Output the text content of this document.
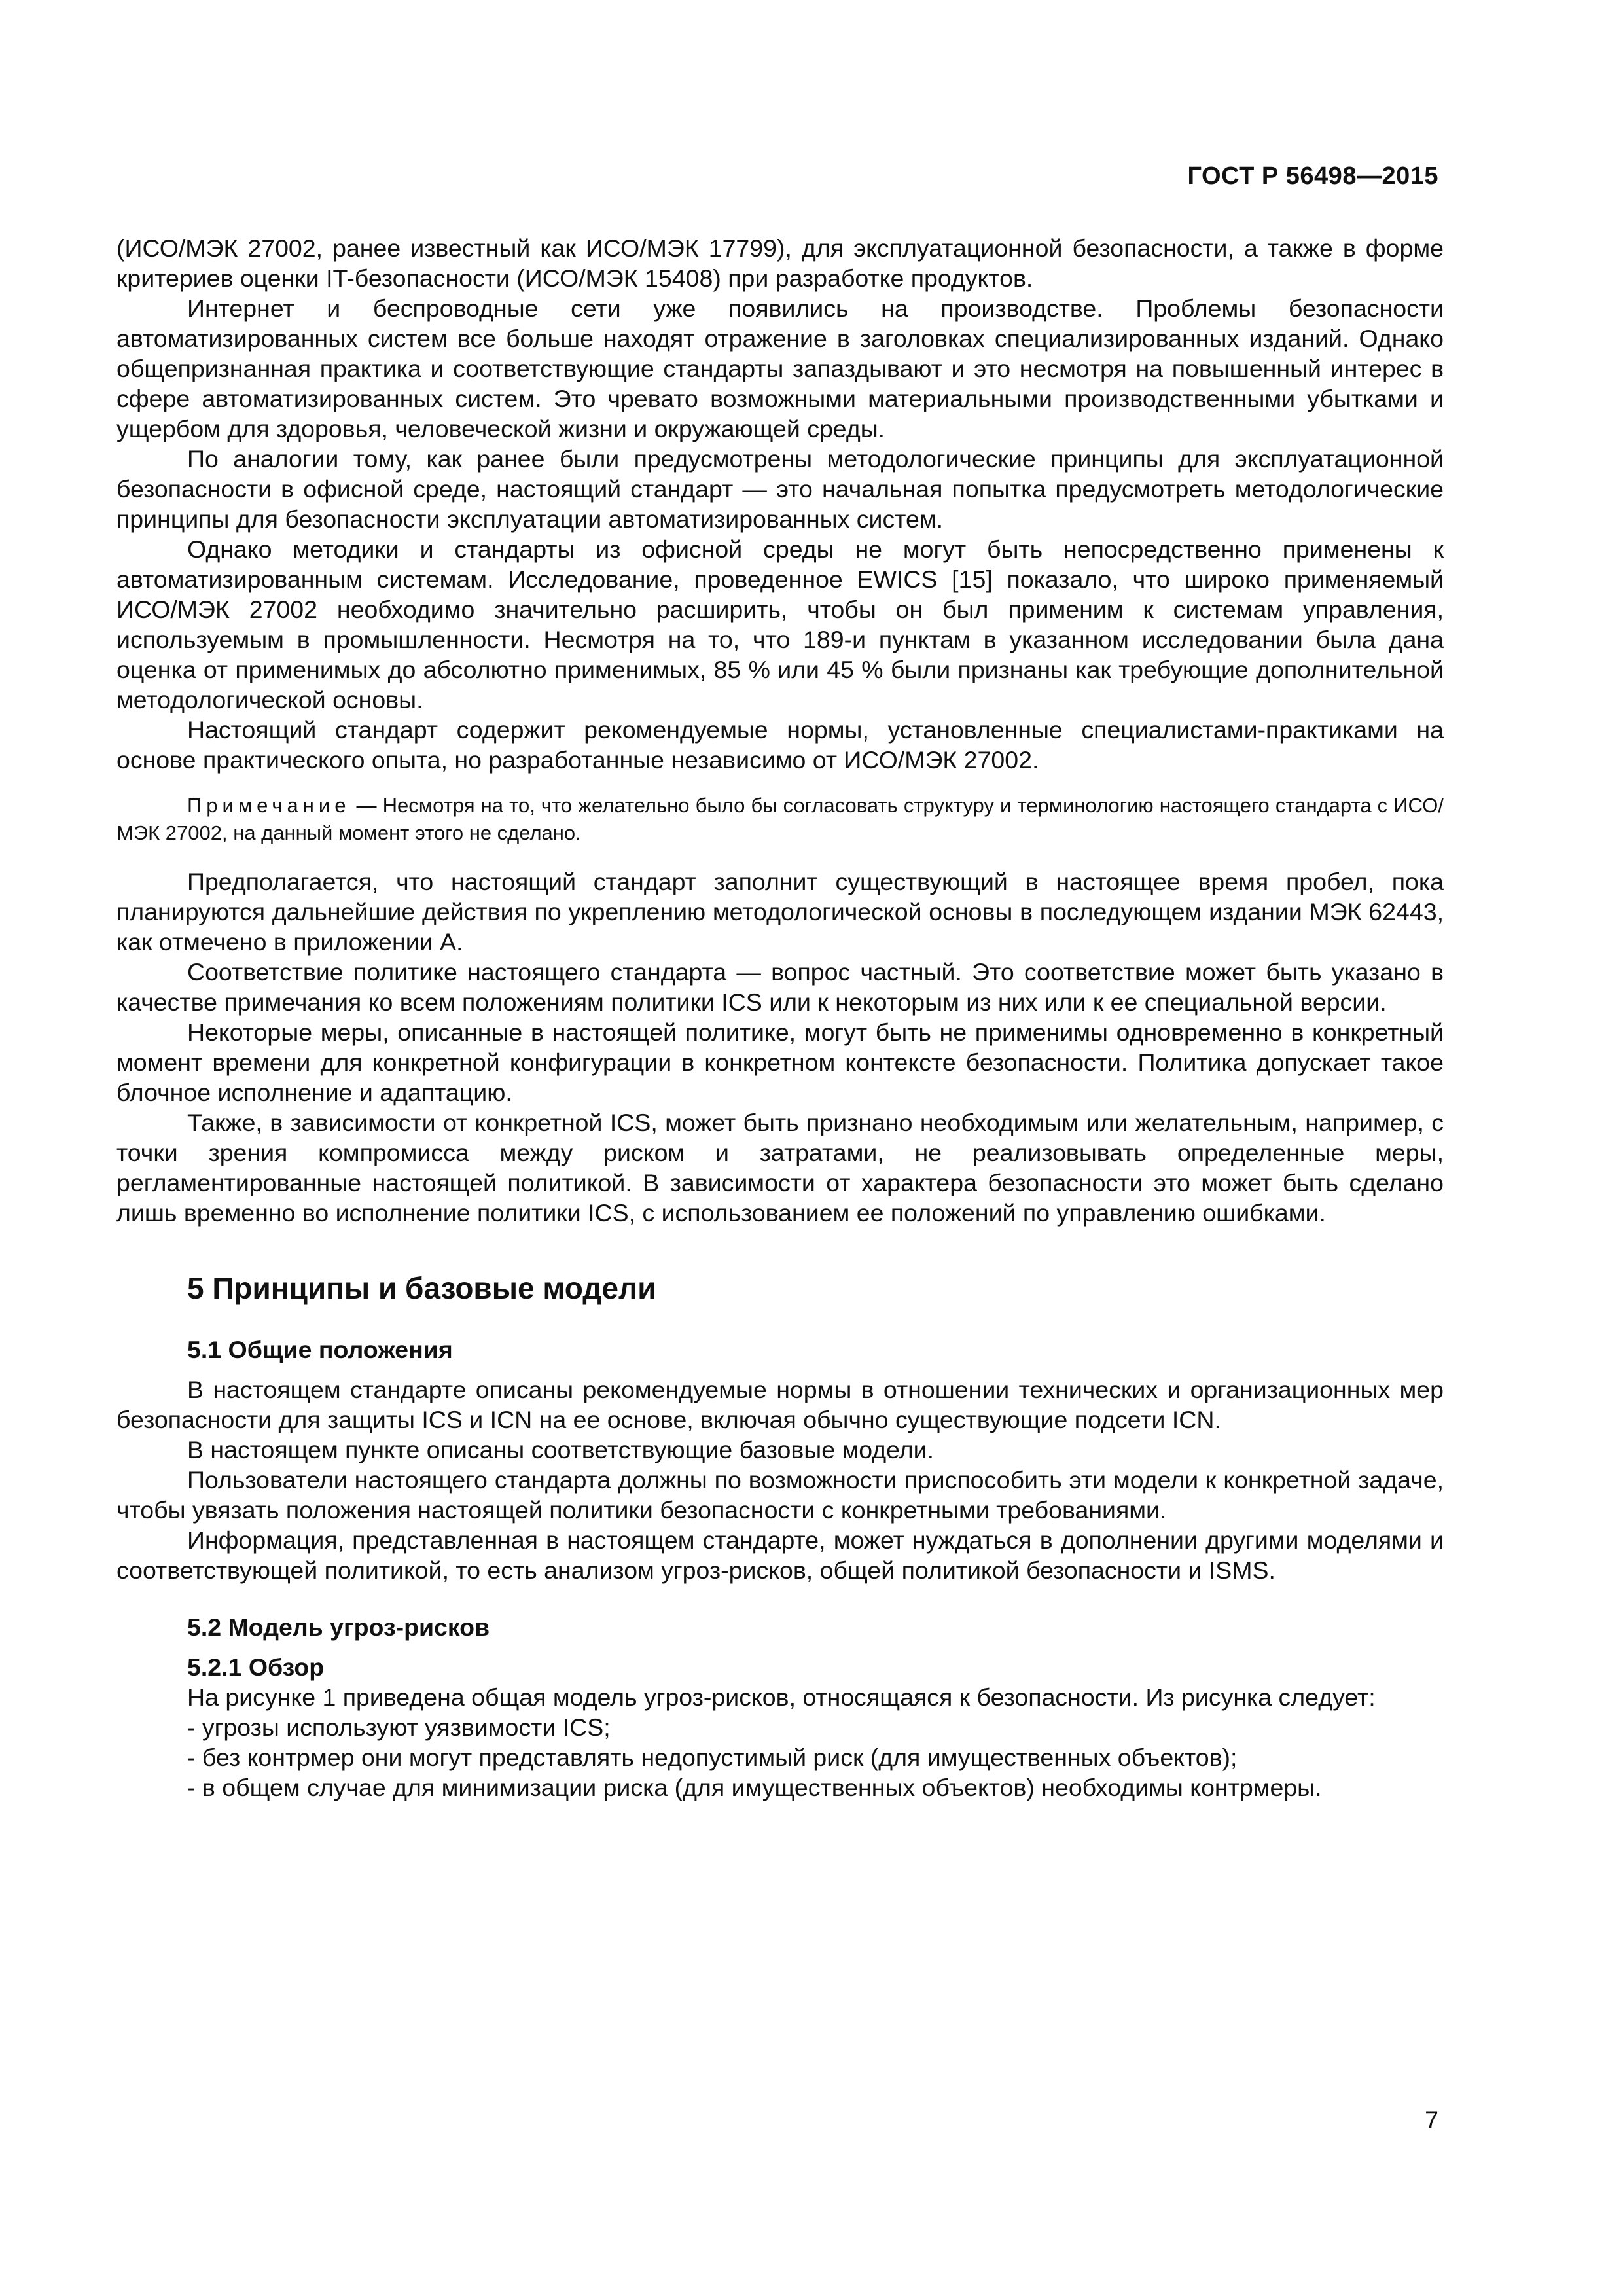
ГОСТ Р 56498—2015

(ИСО/МЭК 27002, ранее известный как ИСО/МЭК 17799), для эксплуатационной безопасности, а также в форме критериев оценки IT-безопасности (ИСО/МЭК 15408) при разработке продуктов.

Интернет и беспроводные сети уже появились на производстве. Проблемы безопасности автоматизированных систем все больше находят отражение в заголовках специализированных изданий. Однако общепризнанная практика и соответствующие стандарты запаздывают и это несмотря на повышенный интерес в сфере автоматизированных систем. Это чревато возможными материальными производственными убытками и ущербом для здоровья, человеческой жизни и окружающей среды.

По аналогии тому, как ранее были предусмотрены методологические принципы для эксплуатационной безопасности в офисной среде, настоящий стандарт — это начальная попытка предусмотреть методологические принципы для безопасности эксплуатации автоматизированных систем.

Однако методики и стандарты из офисной среды не могут быть непосредственно применены к автоматизированным системам. Исследование, проведенное EWICS [15] показало, что широко применяемый ИСО/МЭК 27002 необходимо значительно расширить, чтобы он был применим к системам управления, используемым в промышленности. Несмотря на то, что 189-и пунктам в указанном исследовании была дана оценка от применимых до абсолютно применимых, 85 % или 45 % были признаны как требующие дополнительной методологической основы.

Настоящий стандарт содержит рекомендуемые нормы, установленные специалистами-практиками на основе практического опыта, но разработанные независимо от ИСО/МЭК 27002.

Примечание — Несмотря на то, что желательно было бы согласовать структуру и терминологию настоящего стандарта с ИСО/МЭК 27002, на данный момент этого не сделано.

Предполагается, что настоящий стандарт заполнит существующий в настоящее время пробел, пока планируются дальнейшие действия по укреплению методологической основы в последующем издании МЭК 62443, как отмечено в приложении А.

Соответствие политике настоящего стандарта — вопрос частный. Это соответствие может быть указано в качестве примечания ко всем положениям политики ICS или к некоторым из них или к ее специальной версии.

Некоторые меры, описанные в настоящей политике, могут быть не применимы одновременно в конкретный момент времени для конкретной конфигурации в конкретном контексте безопасности. Политика допускает такое блочное исполнение и адаптацию.

Также, в зависимости от конкретной ICS, может быть признано необходимым или желательным, например, с точки зрения компромисса между риском и затратами, не реализовывать определенные меры, регламентированные настоящей политикой. В зависимости от характера безопасности это может быть сделано лишь временно во исполнение политики ICS, с использованием ее положений по управлению ошибками.

5 Принципы и базовые модели
5.1 Общие положения

В настоящем стандарте описаны рекомендуемые нормы в отношении технических и организационных мер безопасности для защиты ICS и ICN на ее основе, включая обычно существующие подсети ICN.

В настоящем пункте описаны соответствующие базовые модели.

Пользователи настоящего стандарта должны по возможности приспособить эти модели к конкретной задаче, чтобы увязать положения настоящей политики безопасности с конкретными требованиями.

Информация, представленная в настоящем стандарте, может нуждаться в дополнении другими моделями и соответствующей политикой, то есть анализом угроз-рисков, общей политикой безопасности и ISMS.

5.2 Модель угроз-рисков
5.2.1 Обзор

На рисунке 1 приведена общая модель угроз-рисков, относящаяся к безопасности. Из рисунка следует:

- угрозы используют уязвимости ICS;
- без контрмер они могут представлять недопустимый риск (для имущественных объектов);
- в общем случае для минимизации риска (для имущественных объектов) необходимы контрмеры.
7
